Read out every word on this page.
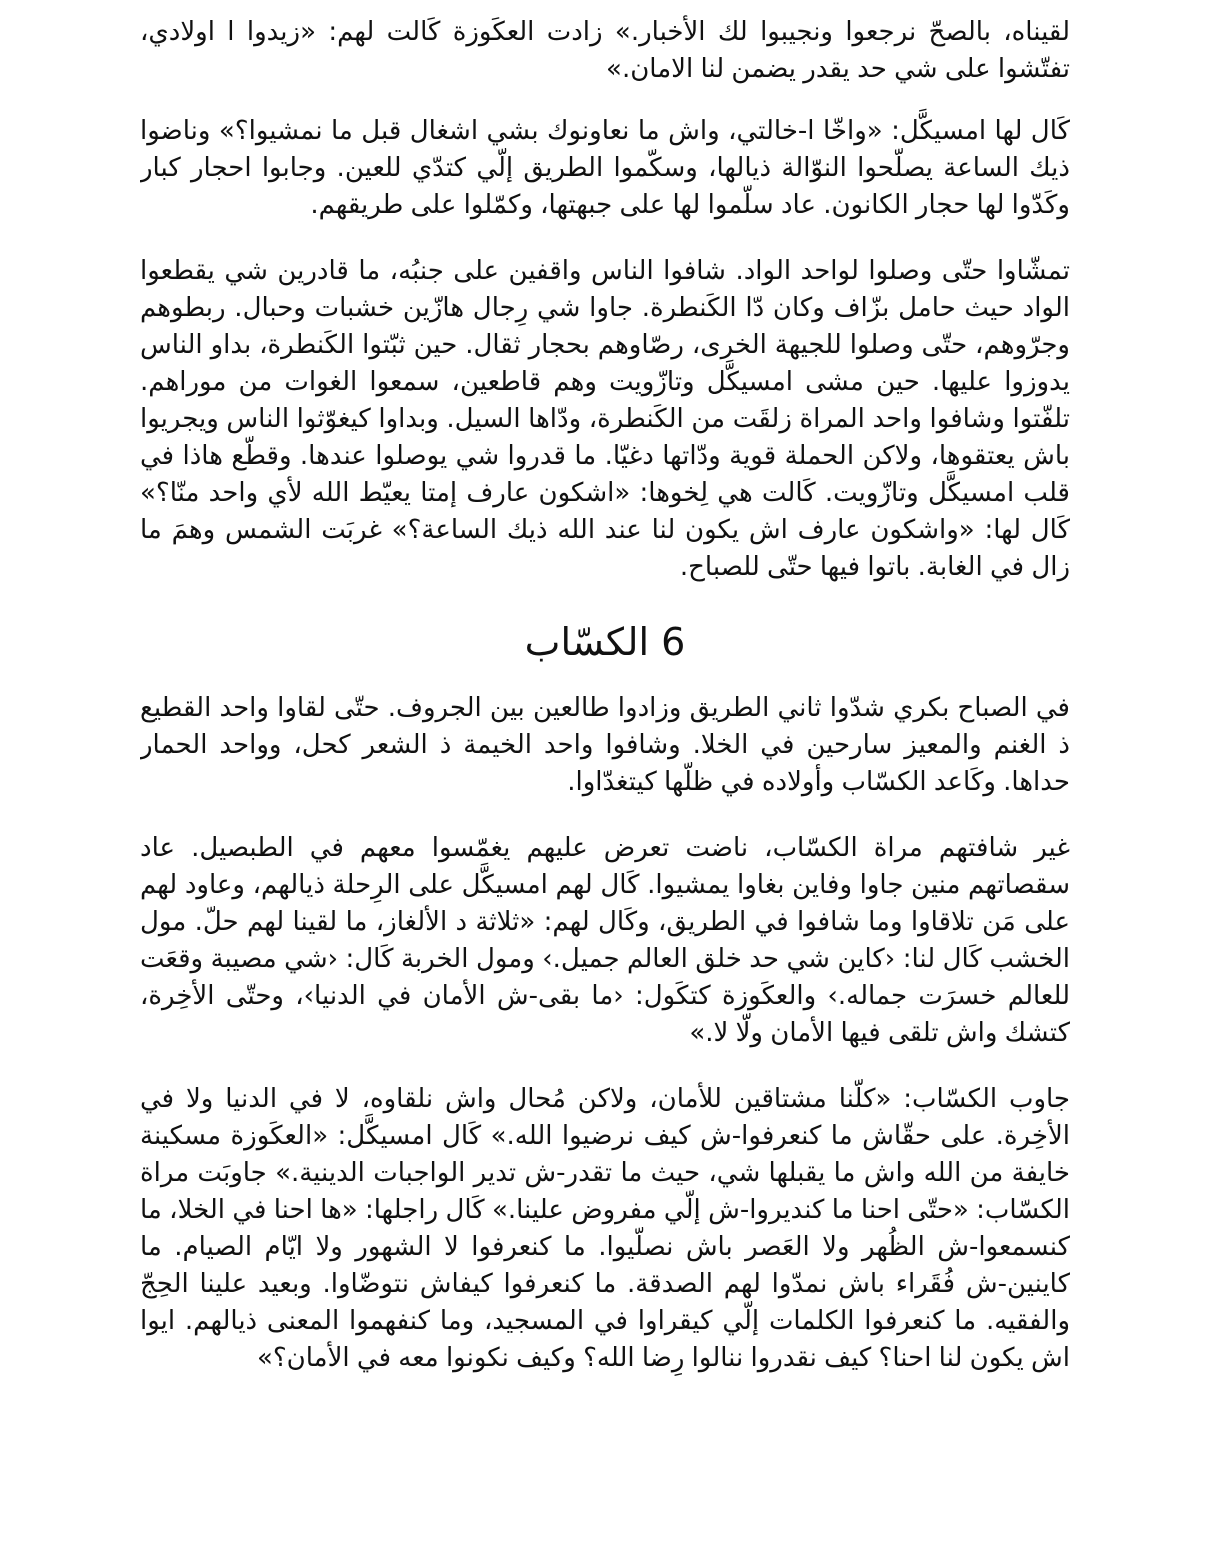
لقيناه، بالصحّ نرجعوا ونجيبوا لك الأخبار.» زادت العكَوزة كَالت لهم: «زيدوا ا اولادي، تفتّشوا على شي حد يقدر يضمن لنا الامان.»

كَال لها امسيكَّل: «واخّا ا-خالتي، واش ما نعاونوك بشي اشغال قبل ما نمشيوا؟» وناضوا ذيك الساعة يصلّحوا النوّالة ذيالها، وسكّموا الطريق إلّي كتدّي للعين. وجابوا احجار كبار وكَدّوا لها حجار الكانون. عاد سلّموا لها على جبهتها، وكمّلوا على طريقهم.

تمشّاوا حتّى وصلوا لواحد الواد. شافوا الناس واقفين على جنبُه، ما قادرين شي يقطعوا الواد حيث حامل بزّاف وكان دّا الكَنطرة. جاوا شي رِجال هازّين خشبات وحبال. ربطوهم وجرّوهم، حتّى وصلوا للجيهة الخرى، رصّاوهم بحجار ثقال. حين ثبّتوا الكَنطرة، بداو الناس يدوزوا عليها. حين مشى امسيكَّل وتازّويت وهم قاطعين، سمعوا الغوات من موراهم. تلفّتوا وشافوا واحد المراة زلقَت من الكَنطرة، ودّاها السيل. وبداوا كيغوّثوا الناس ويجريوا باش يعتقوها، ولاكن الحملة قوية ودّاتها دغيّا. ما قدروا شي يوصلوا عندها. وقطّع هاذا في قلب امسيكَّل وتازّويت. كَالت هي لِخوها: «اشكون عارف إمتا يعيّط الله لأي واحد منّا؟» كَال لها: «واشكون عارف اش يكون لنا عند الله ذيك الساعة؟» غربَت الشمس وهمَ ما زال في الغابة. باتوا فيها حتّى للصباح.

6 الكسّاب

في الصباح بكري شدّوا ثاني الطريق وزادوا طالعين بين الجروف. حتّى لقاوا واحد القطيع ذ الغنم والمعيز سارحين في الخلا. وشافوا واحد الخيمة ذ الشعر كحل، وواحد الحمار حداها. وكَاعد الكسّاب وأولاده في ظلّها كيتغدّاوا.

غير شافتهم مراة الكسّاب، ناضت تعرض عليهم يغمّسوا معهم في الطبصيل. عاد سقصاتهم منين جاوا وفاين بغاوا يمشيوا. كَال لهم امسيكَّل على الرِحلة ذيالهم، وعاود لهم على مَن تلاقاوا وما شافوا في الطريق، وكَال لهم: «ثلاثة د الألغاز، ما لقينا لهم حلّ. مول الخشب كَال لنا: ‹كاين شي حد خلق العالم جميل.› ومول الخربة كَال: ‹شي مصيبة وقعَت للعالم خسرَت جماله.› والعكَوزة كتكَول: ‹ما بقى-ش الأمان في الدنيا›، وحتّى الأخِرة، كتشك واش تلقى فيها الأمان ولّا لا.»

جاوب الكسّاب: «كلّنا مشتاقين للأمان، ولاكن مُحال واش نلقاوه، لا في الدنيا ولا في الأخِرة. على حقّاش ما كنعرفوا-ش كيف نرضيوا الله.» كَال امسيكَّل: «العكَوزة مسكينة خايفة من الله واش ما يقبلها شي، حيث ما تقدر-ش تدير الواجبات الدينية.» جاوبَت مراة الكسّاب: «حتّى احنا ما كنديروا-ش إلّي مفروض علينا.» كَال راجلها: «ها احنا في الخلا، ما كنسمعوا-ش الظُهر ولا العَصر باش نصلّيوا. ما كنعرفوا لا الشهور ولا ايّام الصيام. ما كاينين-ش فُقَراء باش نمدّوا لهم الصدقة. ما كنعرفوا كيفاش نتوضّاوا. وبعيد علينا الحِجّ والفقيه. ما كنعرفوا الكلمات إلّي كيقراوا في المسجيد، وما كنفهموا المعنى ذيالهم. ايوا اش يكون لنا احنا؟ كيف نقدروا ننالوا رِضا الله؟ وكيف نكونوا معه في الأمان؟»
